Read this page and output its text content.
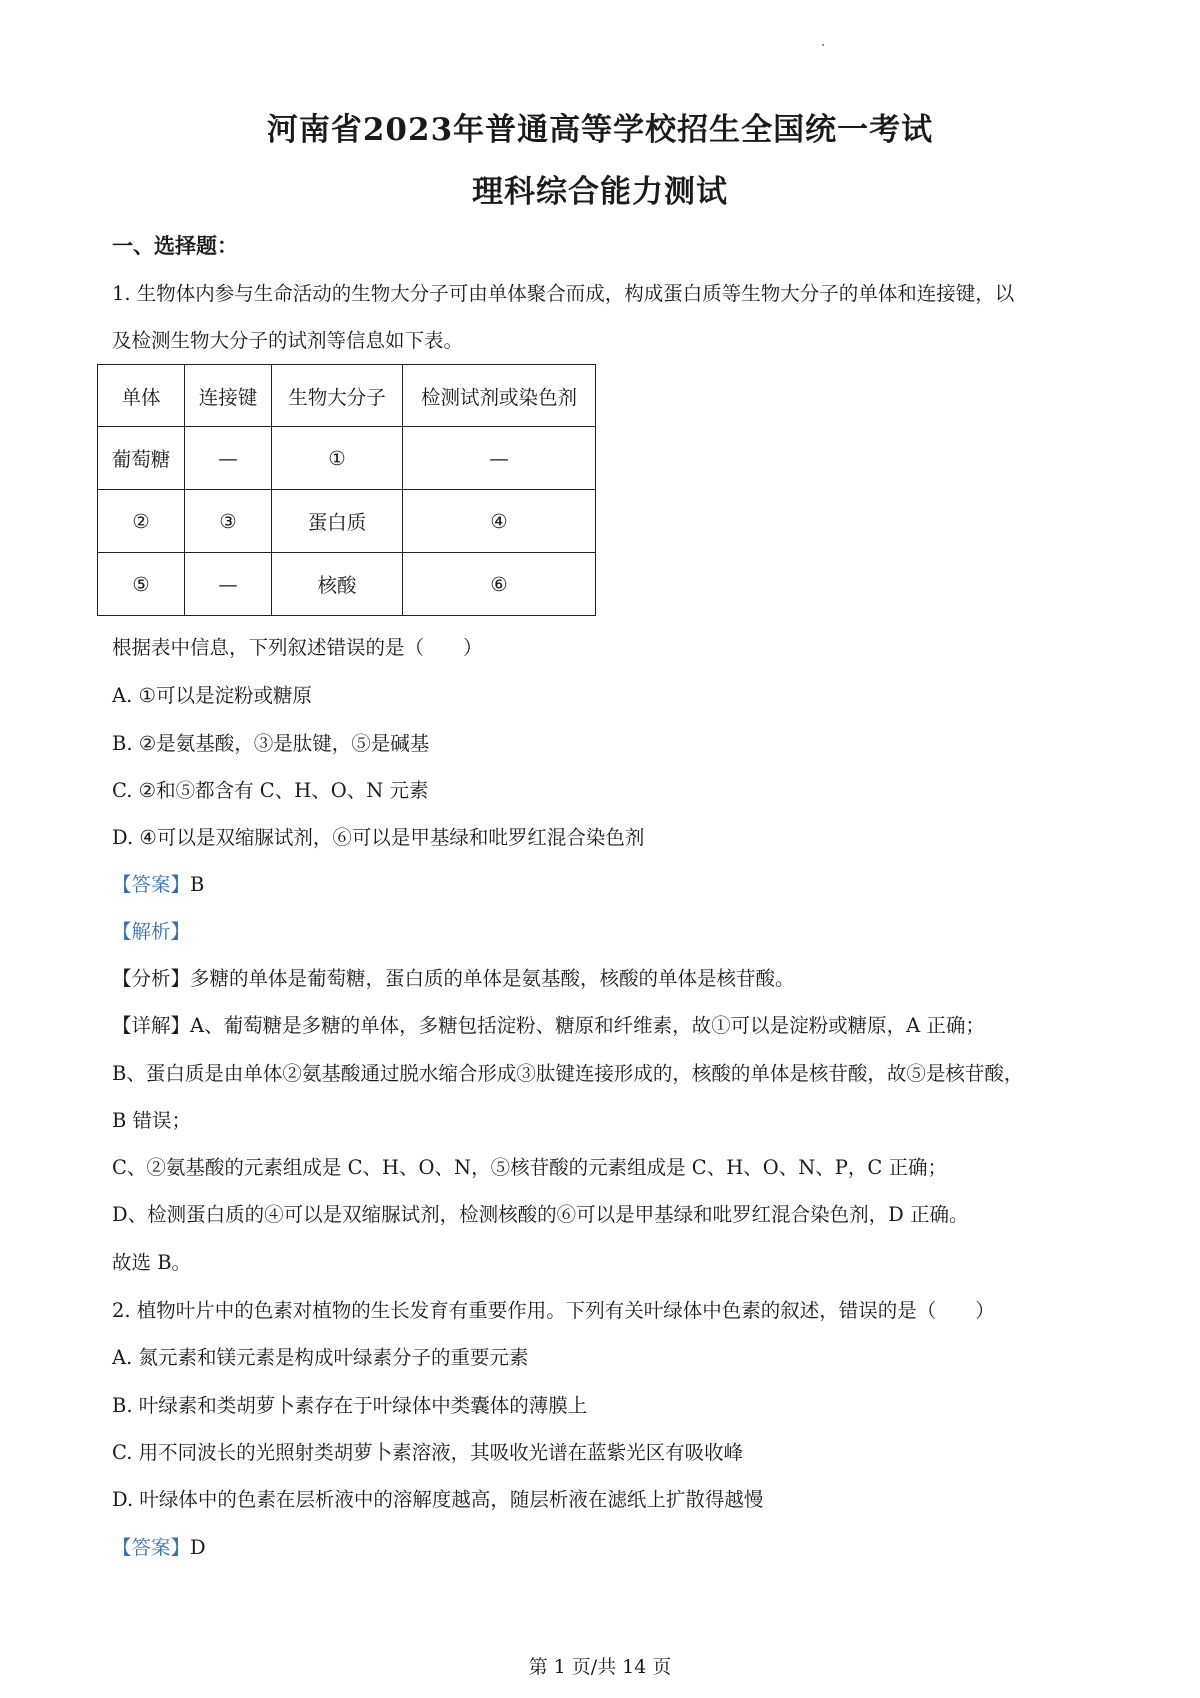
河南省2023年普通高等学校招生全国统一考试
理科综合能力测试
一、选择题：
1. 生物体内参与生命活动的生物大分子可由单体聚合而成，构成蛋白质等生物大分子的单体和连接键，以
及检测生物大分子的试剂等信息如下表。
单体	连接键	生物大分子	检测试剂或染色剂
葡萄糖	—	①	—
②	③	蛋白质	④
⑤	—	核酸	⑥
根据表中信息，下列叙述错误的是（　　）
A. ①可以是淀粉或糖原
B. ②是氨基酸，③是肽键，⑤是碱基
C. ②和⑤都含有 C、H、O、N 元素
D. ④可以是双缩脲试剂，⑥可以是甲基绿和吡罗红混合染色剂
【答案】B
【解析】
【分析】多糖的单体是葡萄糖，蛋白质的单体是氨基酸，核酸的单体是核苷酸。
【详解】A、葡萄糖是多糖的单体，多糖包括淀粉、糖原和纤维素，故①可以是淀粉或糖原，A 正确；
B、蛋白质是由单体②氨基酸通过脱水缩合形成③肽键连接形成的，核酸的单体是核苷酸，故⑤是核苷酸，
B 错误；
C、②氨基酸的元素组成是 C、H、O、N，⑤核苷酸的元素组成是 C、H、O、N、P，C 正确；
D、检测蛋白质的④可以是双缩脲试剂，检测核酸的⑥可以是甲基绿和吡罗红混合染色剂，D 正确。
故选 B。
2. 植物叶片中的色素对植物的生长发育有重要作用。下列有关叶绿体中色素的叙述，错误的是（　　）
A. 氮元素和镁元素是构成叶绿素分子的重要元素
B. 叶绿素和类胡萝卜素存在于叶绿体中类囊体的薄膜上
C. 用不同波长的光照射类胡萝卜素溶液，其吸收光谱在蓝紫光区有吸收峰
D. 叶绿体中的色素在层析液中的溶解度越高，随层析液在滤纸上扩散得越慢
【答案】D
第 1 页/共 14 页
